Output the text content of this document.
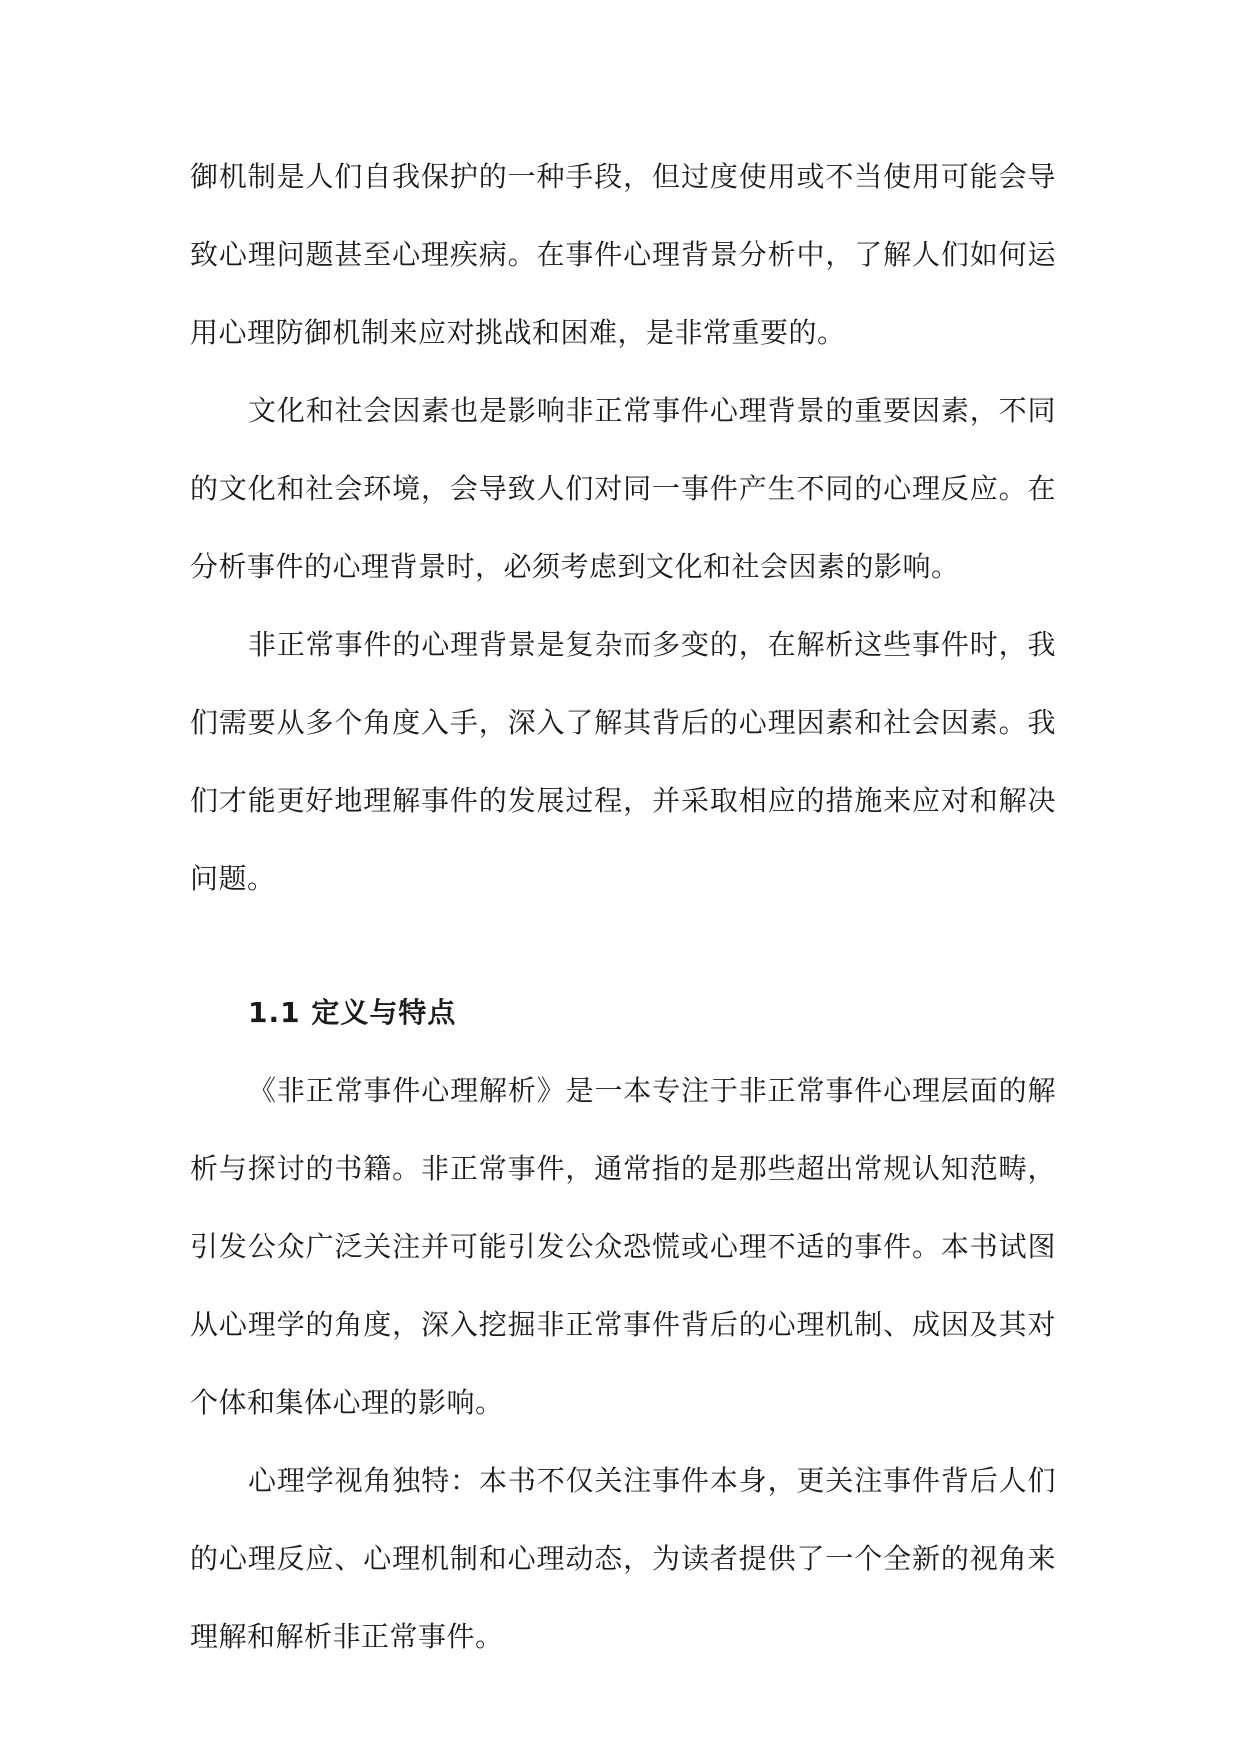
御机制是人们自我保护的一种手段，但过度使用或不当使用可能会导致心理问题甚至心理疾病。在事件心理背景分析中，了解人们如何运用心理防御机制来应对挑战和困难，是非常重要的。

文化和社会因素也是影响非正常事件心理背景的重要因素，不同的文化和社会环境，会导致人们对同一事件产生不同的心理反应。在分析事件的心理背景时，必须考虑到文化和社会因素的影响。

非正常事件的心理背景是复杂而多变的，在解析这些事件时，我们需要从多个角度入手，深入了解其背后的心理因素和社会因素。我们才能更好地理解事件的发展过程，并采取相应的措施来应对和解决问题。

1.1 定义与特点

《非正常事件心理解析》是一本专注于非正常事件心理层面的解析与探讨的书籍。非正常事件，通常指的是那些超出常规认知范畴，引发公众广泛关注并可能引发公众恐慌或心理不适的事件。本书试图从心理学的角度，深入挖掘非正常事件背后的心理机制、成因及其对个体和集体心理的影响。

心理学视角独特：本书不仅关注事件本身，更关注事件背后人们的心理反应、心理机制和心理动态，为读者提供了一个全新的视角来理解和解析非正常事件。
